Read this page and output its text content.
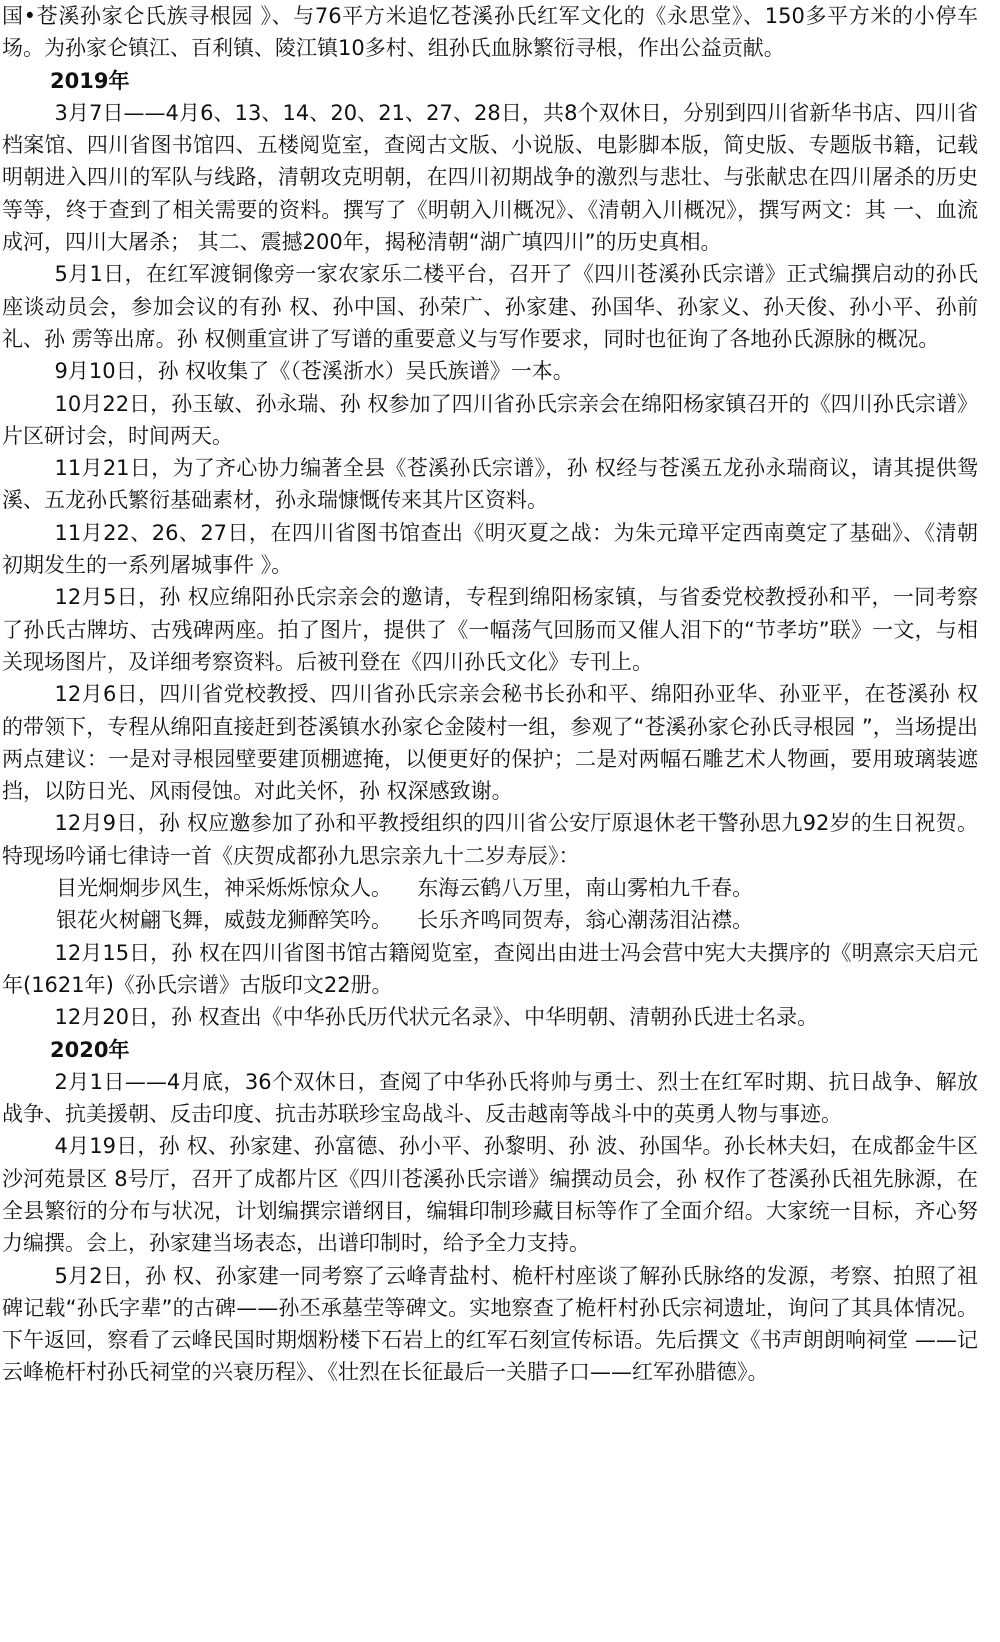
国•苍溪孙家仑氏族寻根园 》、与76平方米追忆苍溪孙氏红军文化的《永思堂》、150多平方米的小停车场。为孙家仑镇江、百利镇、陵江镇10多村、组孙氏血脉繁衍寻根，作出公益贡献。

2019年

3月7日——4月6、13、14、20、21、27、28日，共8个双休日，分别到四川省新华书店、四川省档案馆、四川省图书馆四、五楼阅览室，查阅古文版、小说版、电影脚本版，简史版、专题版书籍，记载明朝进入四川的军队与线路，清朝攻克明朝，在四川初期战争的激烈与悲壮、与张献忠在四川屠杀的历史等等，终于查到了相关需要的资料。撰写了《明朝入川概况》、《清朝入川概况》，撰写两文：其 一、血流成河，四川大屠杀； 其二、震撼200年，揭秘清朝“湖广填四川”的历史真相。

5月1日，在红军渡铜像旁一家农家乐二楼平台，召开了《四川苍溪孙氏宗谱》正式编撰启动的孙氏座谈动员会，参加会议的有孙 权、孙中国、孙荣广、孙家建、孙国华、孙家义、孙天俊、孙小平、孙前礼、孙 雳等出席。孙 权侧重宣讲了写谱的重要意义与写作要求，同时也征询了各地孙氏源脉的概况。

9月10日，孙 权收集了《（苍溪浙水）吴氏族谱》一本。

10月22日，孙玉敏、孙永瑞、孙 权参加了四川省孙氏宗亲会在绵阳杨家镇召开的《四川孙氏宗谱》片区研讨会，时间两天。

11月21日，为了齐心协力编著全县《苍溪孙氏宗谱》，孙 权经与苍溪五龙孙永瑞商议，请其提供鸳溪、五龙孙氏繁衍基础素材，孙永瑞慷慨传来其片区资料。

11月22、26、27日，在四川省图书馆查出《明灭夏之战：为朱元璋平定西南奠定了基础》、《清朝初期发生的一系列屠城事件 》。

12月5日，孙 权应绵阳孙氏宗亲会的邀请，专程到绵阳杨家镇，与省委党校教授孙和平，一同考察了孙氏古牌坊、古残碑两座。拍了图片，提供了《一幅荡气回肠而又催人泪下的“节孝坊”联》一文，与相关现场图片，及详细考察资料。后被刊登在《四川孙氏文化》专刊上。

12月6日，四川省党校教授、四川省孙氏宗亲会秘书长孙和平、绵阳孙亚华、孙亚平，在苍溪孙 权的带领下，专程从绵阳直接赶到苍溪镇水孙家仑金陵村一组，参观了“苍溪孙家仑孙氏寻根园 ”，当场提出两点建议：一是对寻根园壁要建顶棚遮掩，以便更好的保护；二是对两幅石雕艺术人物画，要用玻璃装遮挡，以防日光、风雨侵蚀。对此关怀，孙 权深感致谢。

12月9日，孙 权应邀参加了孙和平教授组织的四川省公安厅原退休老干警孙思九92岁的生日祝贺。特现场吟诵七律诗一首《庆贺成都孙九思宗亲九十二岁寿辰》：

目光炯炯步风生，神采烁烁惊众人。 东海云鹤八万里，南山雾柏九千春。

银花火树翩飞舞，威鼓龙狮醉笑吟。 长乐齐鸣同贺寿，翁心潮荡泪沾襟。

12月15日，孙 权在四川省图书馆古籍阅览室，查阅出由进士冯会营中宪大夫撰序的《明熹宗天启元年(1621年)《孙氏宗谱》古版印文22册。

12月20日，孙 权查出《中华孙氏历代状元名录》、中华明朝、清朝孙氏进士名录。

2020年

2月1日——4月底，36个双休日，查阅了中华孙氏将帅与勇士、烈士在红军时期、抗日战争、解放战争、抗美援朝、反击印度、抗击苏联珍宝岛战斗、反击越南等战斗中的英勇人物与事迹。

4月19日，孙 权、孙家建、孙富德、孙小平、孙黎明、孙 波、孙国华。孙长林夫妇，在成都金牛区沙河苑景区 8号厅，召开了成都片区《四川苍溪孙氏宗谱》编撰动员会，孙 权作了苍溪孙氏祖先脉源，在全县繁衍的分布与状况，计划编撰宗谱纲目，编辑印制珍藏目标等作了全面介绍。大家统一目标，齐心努力编撰。会上，孙家建当场表态，出谱印制时，给予全力支持。

5月2日，孙 权、孙家建一同考察了云峰青盐村、桅杆村座谈了解孙氏脉络的发源，考察、拍照了祖碑记载“孙氏字辈”的古碑——孙丕承墓茔等碑文。实地察查了桅杆村孙氏宗祠遗址，询问了其具体情况。下午返回，察看了云峰民国时期烟粉楼下石岩上的红军石刻宣传标语。先后撰文《书声朗朗响祠堂 ——记云峰桅杆村孙氏祠堂的兴衰历程》、《壮烈在长征最后一关腊子口——红军孙腊德》。
